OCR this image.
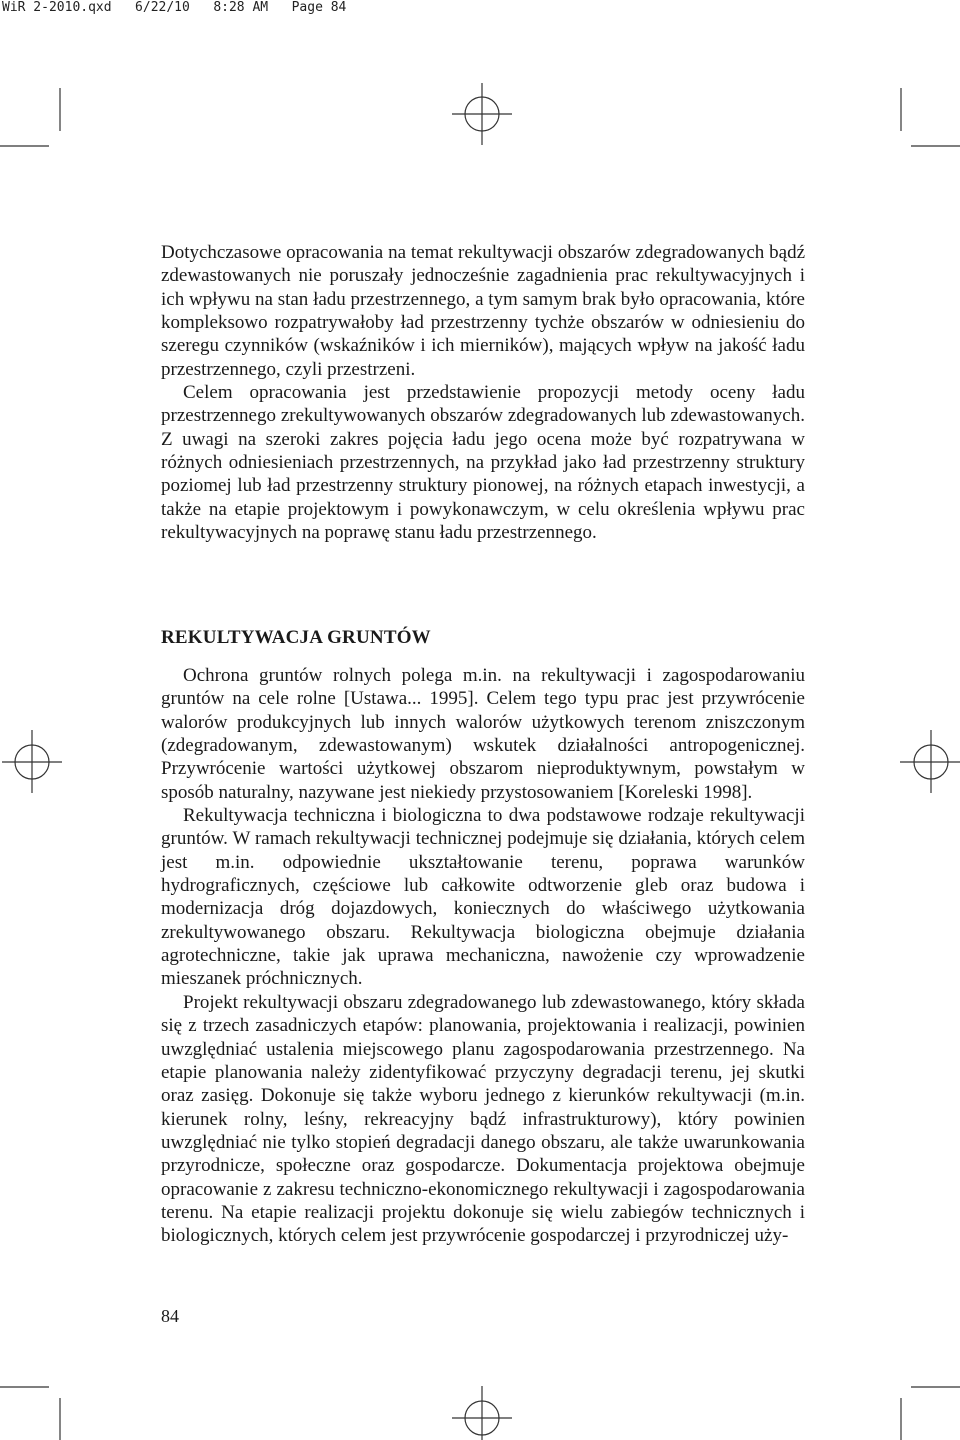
WiR 2-2010.qxd   6/22/10   8:28 AM   Page 84

Dotychczasowe opracowania na temat rekultywacji obszarów zdegradowanych bądź zdewastowanych nie poruszały jednocześnie zagadnienia prac rekultywacyjnych i ich wpływu na stan ładu przestrzennego, a tym samym brak było opracowania, które kompleksowo rozpatrywałoby ład przestrzenny tychże obszarów w odniesieniu do szeregu czynników (wskaźników i ich mierników), mających wpływ na jakość ładu przestrzennego, czyli przestrzeni.

Celem opracowania jest przedstawienie propozycji metody oceny ładu przestrzennego zrekultywowanych obszarów zdegradowanych lub zdewastowanych. Z uwagi na szeroki zakres pojęcia ładu jego ocena może być rozpatrywana w różnych odniesieniach przestrzennych, na przykład jako ład przestrzenny struktury poziomej lub ład przestrzenny struktury pionowej, na różnych etapach inwestycji, a także na etapie projektowym i powykonawczym, w celu określenia wpływu prac rekultywacyjnych na poprawę stanu ładu przestrzennego.

REKULTYWACJA GRUNTÓW

Ochrona gruntów rolnych polega m.in. na rekultywacji i zagospodarowaniu gruntów na cele rolne [Ustawa... 1995]. Celem tego typu prac jest przywrócenie walorów produkcyjnych lub innych walorów użytkowych terenom zniszczonym (zdegradowanym, zdewastowanym) wskutek działalności antropogenicznej. Przywrócenie wartości użytkowej obszarom nieproduktywnym, powstałym w sposób naturalny, nazywane jest niekiedy przystosowaniem [Koreleski 1998].

Rekultywacja techniczna i biologiczna to dwa podstawowe rodzaje rekultywacji gruntów. W ramach rekultywacji technicznej podejmuje się działania, których celem jest m.in. odpowiednie ukształtowanie terenu, poprawa warunków hydrograficznych, częściowe lub całkowite odtworzenie gleb oraz budowa i modernizacja dróg dojazdowych, koniecznych do właściwego użytkowania zrekultywowanego obszaru. Rekultywacja biologiczna obejmuje działania agrotechniczne, takie jak uprawa mechaniczna, nawożenie czy wprowadzenie mieszanek próchnicznych.

Projekt rekultywacji obszaru zdegradowanego lub zdewastowanego, który składa się z trzech zasadniczych etapów: planowania, projektowania i realizacji, powinien uwzględniać ustalenia miejscowego planu zagospodarowania przestrzennego. Na etapie planowania należy zidentyfikować przyczyny degradacji terenu, jej skutki oraz zasięg. Dokonuje się także wyboru jednego z kierunków rekultywacji (m.in. kierunek rolny, leśny, rekreacyjny bądź infrastrukturowy), który powinien uwzględniać nie tylko stopień degradacji danego obszaru, ale także uwarunkowania przyrodnicze, społeczne oraz gospodarcze. Dokumentacja projektowa obejmuje opracowanie z zakresu techniczno-ekonomicznego rekultywacji i zagospodarowania terenu. Na etapie realizacji projektu dokonuje się wielu zabiegów technicznych i biologicznych, których celem jest przywrócenie gospodarczej i przyrodniczej uży-

84
